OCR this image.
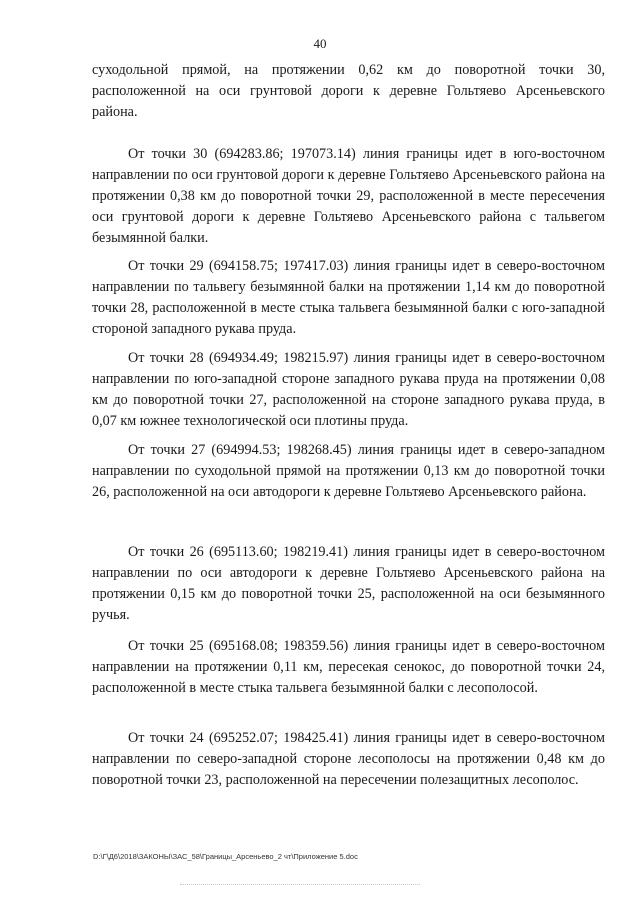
40

суходольной прямой, на протяжении 0,62 км до поворотной точки 30, расположенной на оси грунтовой дороги к деревне Гольтяево Арсеньевского района.

От точки 30 (694283.86; 197073.14) линия границы идет в юго-восточном направлении по оси грунтовой дороги к деревне Гольтяево Арсеньевского района на протяжении 0,38 км до поворотной точки 29, расположенной в месте пересечения оси грунтовой дороги к деревне Гольтяево Арсеньевского района с тальвегом безымянной балки.

От точки 29 (694158.75; 197417.03) линия границы идет в северо-восточном направлении по тальвегу безымянной балки на протяжении 1,14 км до поворотной точки 28, расположенной в месте стыка тальвега безымянной балки с юго-западной стороной западного рукава пруда.

От точки 28 (694934.49; 198215.97) линия границы идет в северо-восточном направлении по юго-западной стороне западного рукава пруда на протяжении 0,08 км до поворотной точки 27, расположенной на стороне западного рукава пруда, в 0,07 км южнее технологической оси плотины пруда.

От точки 27 (694994.53; 198268.45) линия границы идет в северо-западном направлении по суходольной прямой на протяжении 0,13 км до поворотной точки 26, расположенной на оси автодороги к деревне Гольтяево Арсеньевского района.

От точки 26 (695113.60; 198219.41) линия границы идет в северо-восточном направлении по оси автодороги к деревне Гольтяево Арсеньевского района на протяжении 0,15 км до поворотной точки 25, расположенной на оси безымянного ручья.

От точки 25 (695168.08; 198359.56) линия границы идет в северо-восточном направлении на протяжении 0,11 км, пересекая сенокос, до поворотной точки 24, расположенной в месте стыка тальвега безымянной балки с лесополосой.

От точки 24 (695252.07; 198425.41) линия границы идет в северо-восточном направлении по северо-западной стороне лесополосы на протяжении 0,48 км до поворотной точки 23, расположенной на пересечении полезащитных лесополос.

D:\Г\Д6\2018\ЗАКОНЫ\ЗАС_58\Границы_Арсеньево_2 чт\Приложение 5.doc
